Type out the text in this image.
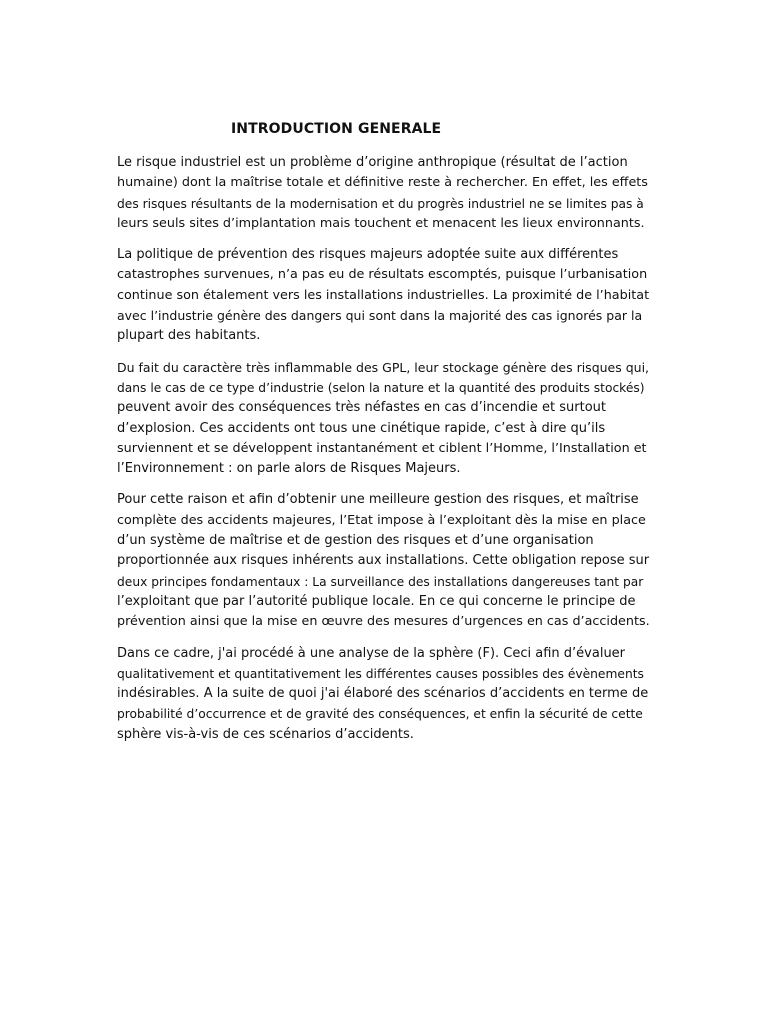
INTRODUCTION GENERALE

Le risque industriel est un problème d’origine anthropique (résultat de l’action
humaine) dont la maîtrise totale et définitive reste à rechercher. En effet, les effets
des risques résultants de la modernisation et du progrès industriel ne se limites pas à
leurs seuls sites d’implantation mais touchent et menacent les lieux environnants.

La politique de prévention des risques majeurs adoptée suite aux différentes
catastrophes survenues, n’a pas eu de résultats escomptés, puisque l’urbanisation
continue son étalement vers les installations industrielles. La proximité de l’habitat
avec l’industrie génère des dangers qui sont dans la majorité des cas ignorés par la
plupart des habitants.

Du fait du caractère très inflammable des GPL, leur stockage génère des risques qui,
dans le cas de ce type d’industrie (selon la nature et la quantité des produits stockés)
peuvent avoir des conséquences très néfastes en cas d’incendie et surtout
d’explosion. Ces accidents ont tous une cinétique rapide, c’est à dire qu’ils
surviennent et se développent instantanément et ciblent l’Homme, l’Installation et
l’Environnement : on parle alors de Risques Majeurs.

Pour cette raison et afin d’obtenir une meilleure gestion des risques, et maîtrise
complète des accidents majeures, l’Etat impose à l’exploitant dès la mise en place
d’un système de maîtrise et de gestion des risques et d’une organisation
proportionnée aux risques inhérents aux installations. Cette obligation repose sur
deux principes fondamentaux : La surveillance des installations dangereuses tant par
l’exploitant que par l’autorité publique locale. En ce qui concerne le principe de
prévention ainsi que la mise en œuvre des mesures d’urgences en cas d’accidents.

Dans ce cadre, j'ai procédé à une analyse de la sphère (F). Ceci afin d’évaluer
qualitativement et quantitativement les différentes causes possibles des évènements
indésirables. A la suite de quoi j'ai élaboré des scénarios d’accidents en terme de
probabilité d’occurrence et de gravité des conséquences, et enfin la sécurité de cette
sphère vis-à-vis de ces scénarios d’accidents.
